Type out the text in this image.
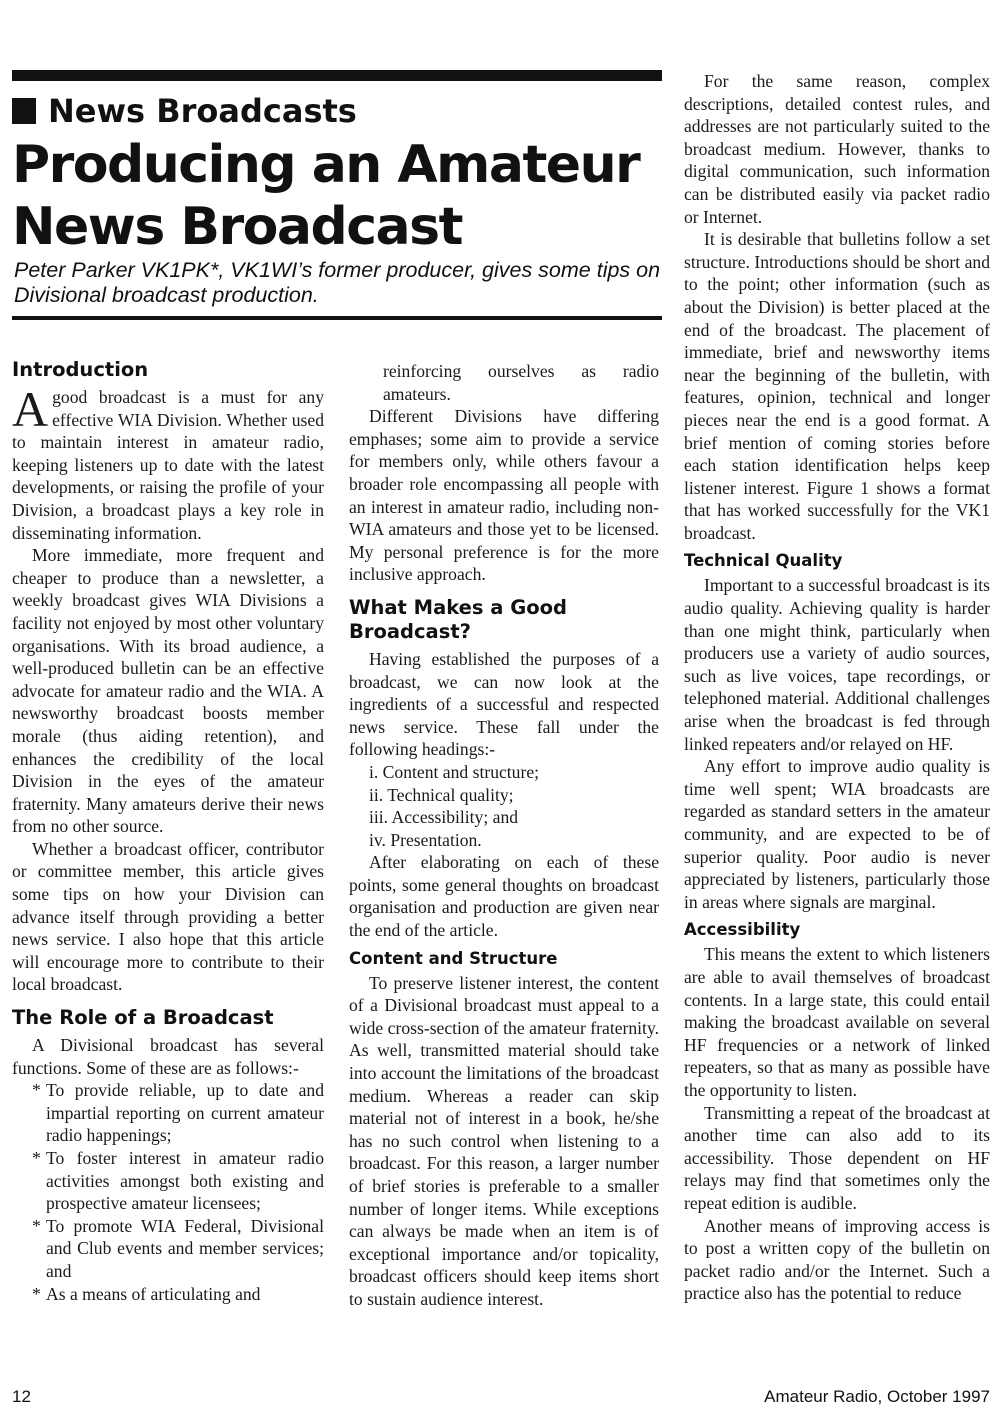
News Broadcasts
Producing an Amateur News Broadcast
Peter Parker VK1PK*, VK1WI’s former producer, gives some tips on Divisional broadcast production.
Introduction

Agood broadcast is a must for any effective WIA Division. Whether used to maintain interest in amateur radio, keeping listeners up to date with the latest developments, or raising the profile of your Division, a broadcast plays a key role in disseminating information.

More immediate, more frequent and cheaper to produce than a newsletter, a weekly broadcast gives WIA Divisions a facility not enjoyed by most other voluntary organisations. With its broad audience, a well-produced bulletin can be an effective advocate for amateur radio and the WIA. A newsworthy broadcast boosts member morale (thus aiding retention), and enhances the credibility of the local Division in the eyes of the amateur fraternity. Many amateurs derive their news from no other source.

Whether a broadcast officer, contributor or committee member, this article gives some tips on how your Division can advance itself through providing a better news service. I also hope that this article will encourage more to contribute to their local broadcast.

The Role of a Broadcast

A Divisional broadcast has several functions. Some of these are as follows:-

* To provide reliable, up to date and impartial reporting on current amateur radio happenings;
* To foster interest in amateur radio activities amongst both existing and prospective amateur licensees;
* To promote WIA Federal, Divisional and Club events and member services; and
* As a means of articulating and

reinforcing ourselves as radio amateurs.

Different Divisions have differing emphases; some aim to provide a service for members only, while others favour a broader role encompassing all people with an interest in amateur radio, including non-WIA amateurs and those yet to be licensed. My personal preference is for the more inclusive approach.

What Makes a Good Broadcast?

Having established the purposes of a broadcast, we can now look at the ingredients of a successful and respected news service. These fall under the following headings:-

i. Content and structure;
ii. Technical quality;
iii. Accessibility; and
iv. Presentation.

After elaborating on each of these points, some general thoughts on broadcast organisation and production are given near the end of the article.

Content and Structure

To preserve listener interest, the content of a Divisional broadcast must appeal to a wide cross-section of the amateur fraternity. As well, transmitted material should take into account the limitations of the broadcast medium. Whereas a reader can skip material not of interest in a book, he/she has no such control when listening to a broadcast. For this reason, a larger number of brief stories is preferable to a smaller number of longer items. While exceptions can always be made when an item is of exceptional importance and/or topicality, broadcast officers should keep items short to sustain audience interest.

For the same reason, complex descriptions, detailed contest rules, and addresses are not particularly suited to the broadcast medium. However, thanks to digital communication, such information can be distributed easily via packet radio or Internet.

It is desirable that bulletins follow a set structure. Introductions should be short and to the point; other information (such as about the Division) is better placed at the end of the broadcast. The placement of immediate, brief and newsworthy items near the beginning of the bulletin, with features, opinion, technical and longer pieces near the end is a good format. A brief mention of coming stories before each station identification helps keep listener interest. Figure 1 shows a format that has worked successfully for the VK1 broadcast.

Technical Quality

Important to a successful broadcast is its audio quality. Achieving quality is harder than one might think, particularly when producers use a variety of audio sources, such as live voices, tape recordings, or telephoned material. Additional challenges arise when the broadcast is fed through linked repeaters and/or relayed on HF.

Any effort to improve audio quality is time well spent; WIA broadcasts are regarded as standard setters in the amateur community, and are expected to be of superior quality. Poor audio is never appreciated by listeners, particularly those in areas where signals are marginal.

Accessibility

This means the extent to which listeners are able to avail themselves of broadcast contents. In a large state, this could entail making the broadcast available on several HF frequencies or a network of linked repeaters, so that as many as possible have the opportunity to listen.

Transmitting a repeat of the broadcast at another time can also add to its accessibility. Those dependent on HF relays may find that sometimes only the repeat edition is audible.

Another means of improving access is to post a written copy of the bulletin on packet radio and/or the Internet. Such a practice also has the potential to reduce

12	Amateur Radio, October 1997
